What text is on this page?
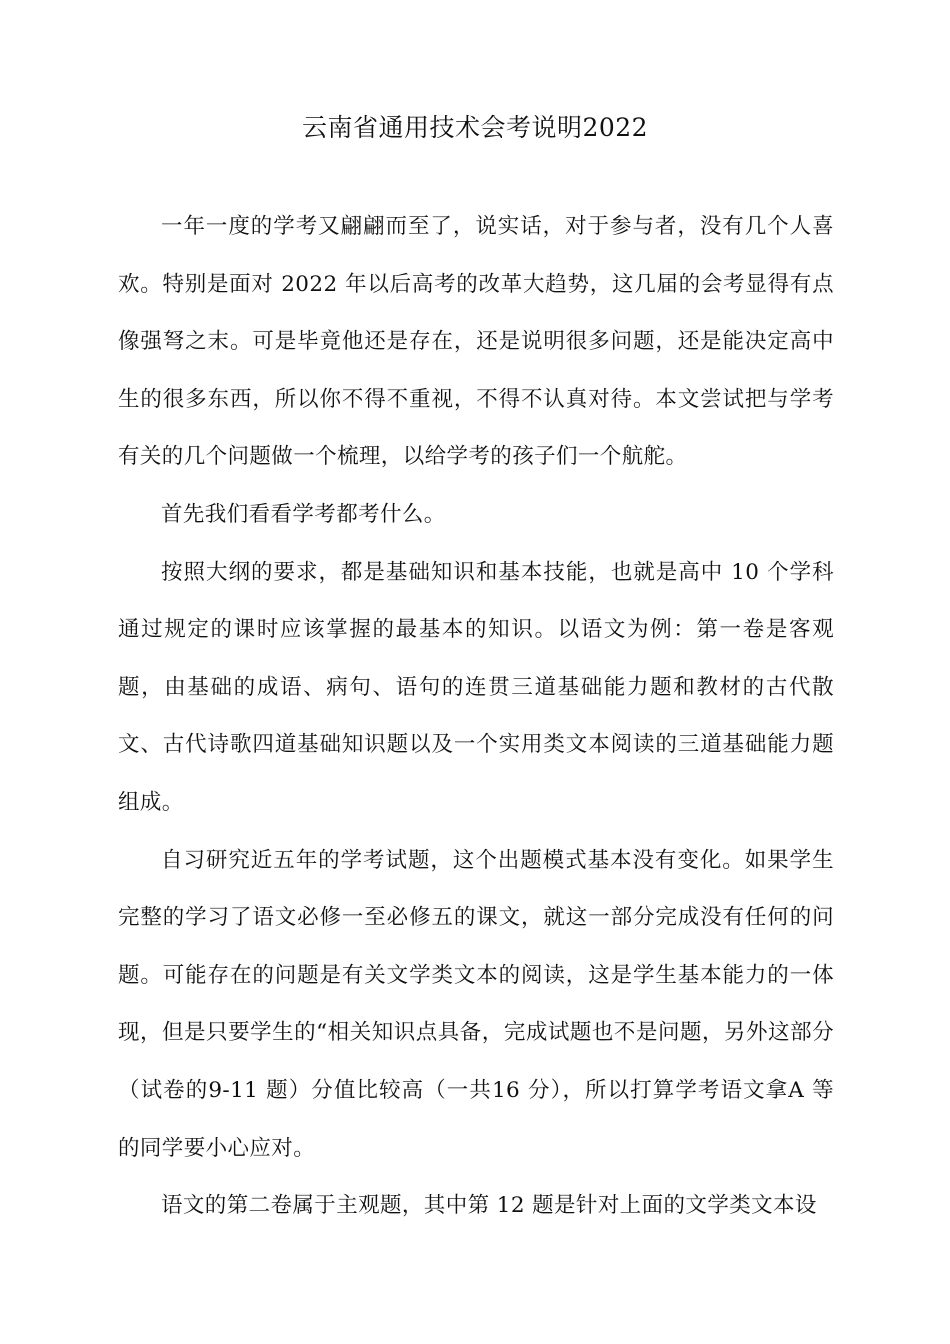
云南省通用技术会考说明2022

一年一度的学考又翩翩而至了，说实话，对于参与者，没有几个人喜欢。特别是面对 2022 年以后高考的改革大趋势，这几届的会考显得有点像强弩之末。可是毕竟他还是存在，还是说明很多问题，还是能决定高中生的很多东西，所以你不得不重视，不得不认真对待。本文尝试把与学考有关的几个问题做一个梳理，以给学考的孩子们一个航舵。

首先我们看看学考都考什么。

按照大纲的要求，都是基础知识和基本技能，也就是高中 10 个学科通过规定的课时应该掌握的最基本的知识。以语文为例：第一卷是客观题，由基础的成语、病句、语句的连贯三道基础能力题和教材的古代散文、古代诗歌四道基础知识题以及一个实用类文本阅读的三道基础能力题组成。

自习研究近五年的学考试题，这个出题模式基本没有变化。如果学生完整的学习了语文必修一至必修五的课文，就这一部分完成没有任何的问题。可能存在的问题是有关文学类文本的阅读，这是学生基本能力的一体现，但是只要学生的“相关知识点具备，完成试题也不是问题，另外这部分（试卷的9-11 题）分值比较高（一共16 分），所以打算学考语文拿A 等的同学要小心应对。

语文的第二卷属于主观题，其中第 12 题是针对上面的文学类文本设
